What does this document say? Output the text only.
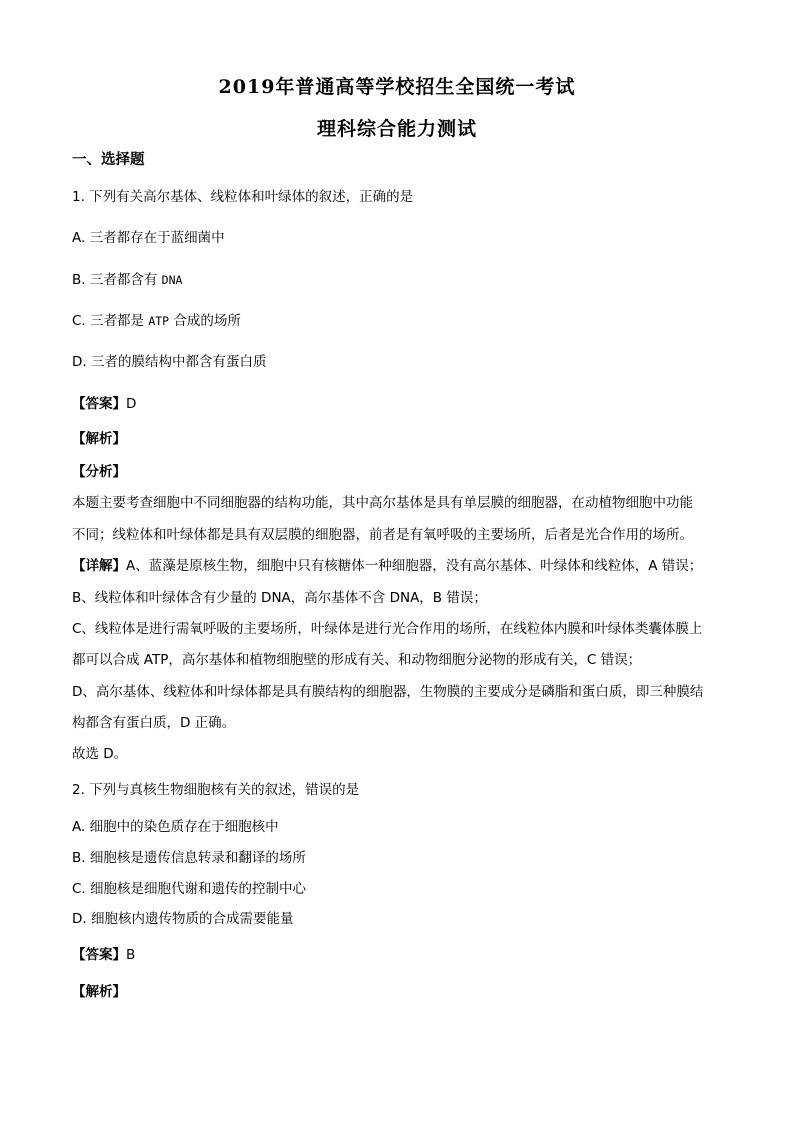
2019年普通高等学校招生全国统一考试
理科综合能力测试
一、选择题
1. 下列有关高尔基体、线粒体和叶绿体的叙述，正确的是
A. 三者都存在于蓝细菌中
B. 三者都含有 DNA
C. 三者都是 ATP 合成的场所
D. 三者的膜结构中都含有蛋白质
【答案】D
【解析】
【分析】
本题主要考查细胞中不同细胞器的结构功能，其中高尔基体是具有单层膜的细胞器，在动植物细胞中功能
不同；线粒体和叶绿体都是具有双层膜的细胞器，前者是有氧呼吸的主要场所，后者是光合作用的场所。
【详解】A、蓝藻是原核生物，细胞中只有核糖体一种细胞器，没有高尔基体、叶绿体和线粒体，A 错误；
B、线粒体和叶绿体含有少量的 DNA，高尔基体不含 DNA，B 错误；
C、线粒体是进行需氧呼吸的主要场所，叶绿体是进行光合作用的场所，在线粒体内膜和叶绿体类囊体膜上
都可以合成 ATP，高尔基体和植物细胞壁的形成有关、和动物细胞分泌物的形成有关，C 错误；
D、高尔基体、线粒体和叶绿体都是具有膜结构的细胞器，生物膜的主要成分是磷脂和蛋白质，即三种膜结
构都含有蛋白质，D 正确。
故选 D。
2. 下列与真核生物细胞核有关的叙述，错误的是
A. 细胞中的染色质存在于细胞核中
B. 细胞核是遗传信息转录和翻译的场所
C. 细胞核是细胞代谢和遗传的控制中心
D. 细胞核内遗传物质的合成需要能量
【答案】B
【解析】
